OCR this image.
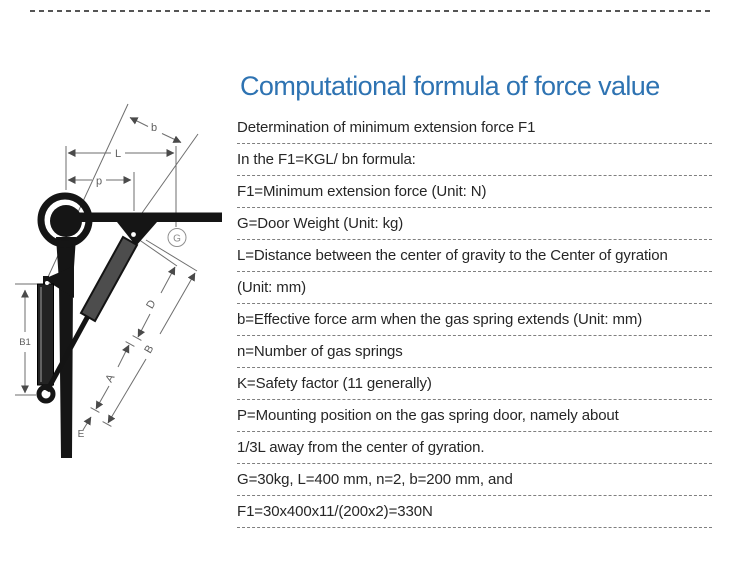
b
L
p
G
D
B
A
E
B1
Computational formula of force value
Determination of minimum extension force F1
In the F1=KGL/ bn formula:
F1=Minimum extension force (Unit: N)
G=Door Weight (Unit: kg)
L=Distance between the center of gravity to the Center of gyration
(Unit: mm)
b=Effective force arm when the gas spring extends (Unit: mm)
n=Number of gas springs
K=Safety factor (11 generally)
P=Mounting position on the gas spring door, namely about
1/3L away from the center of gyration.
G=30kg, L=400 mm, n=2, b=200 mm, and
F1=30x400x11/(200x2)=330N
